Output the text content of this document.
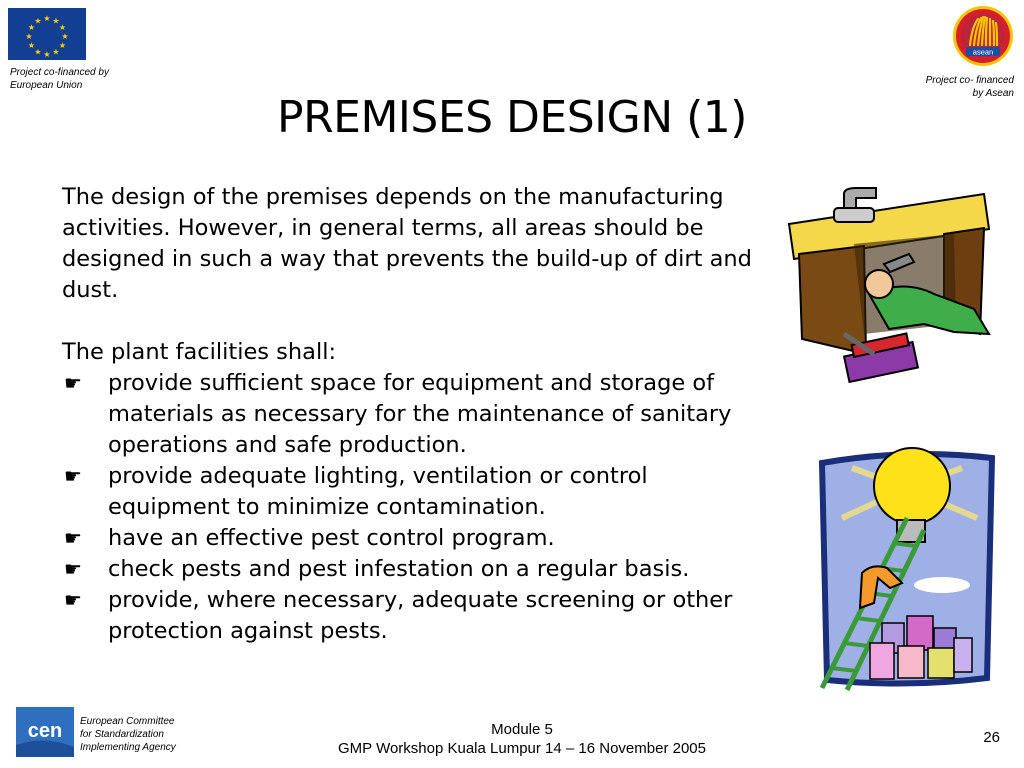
★ ★
★
★
★
★
★
★
★
★
★
★
Project co-financed by
European Union
asean
Project co- financed
by Asean
PREMISES DESIGN (1)

The design of the premises depends on the manufacturing activities. However, in general terms, all areas should be designed in such a way that prevents the build-up of dirt and dust.

The plant facilities shall:

☛ provide sufficient space for equipment and storage of materials as necessary for the maintenance of sanitary operations and safe production.
☛ provide adequate lighting, ventilation or control equipment to minimize contamination.
☛ have an effective pest control program.
☛ check pests and pest infestation on a regular basis.
☛ provide, where necessary, adequate screening or other protection against pests.
cen European Committee
for Standardization
Implementing Agency
Module 5
GMP Workshop Kuala Lumpur 14 – 16 November 2005
26
